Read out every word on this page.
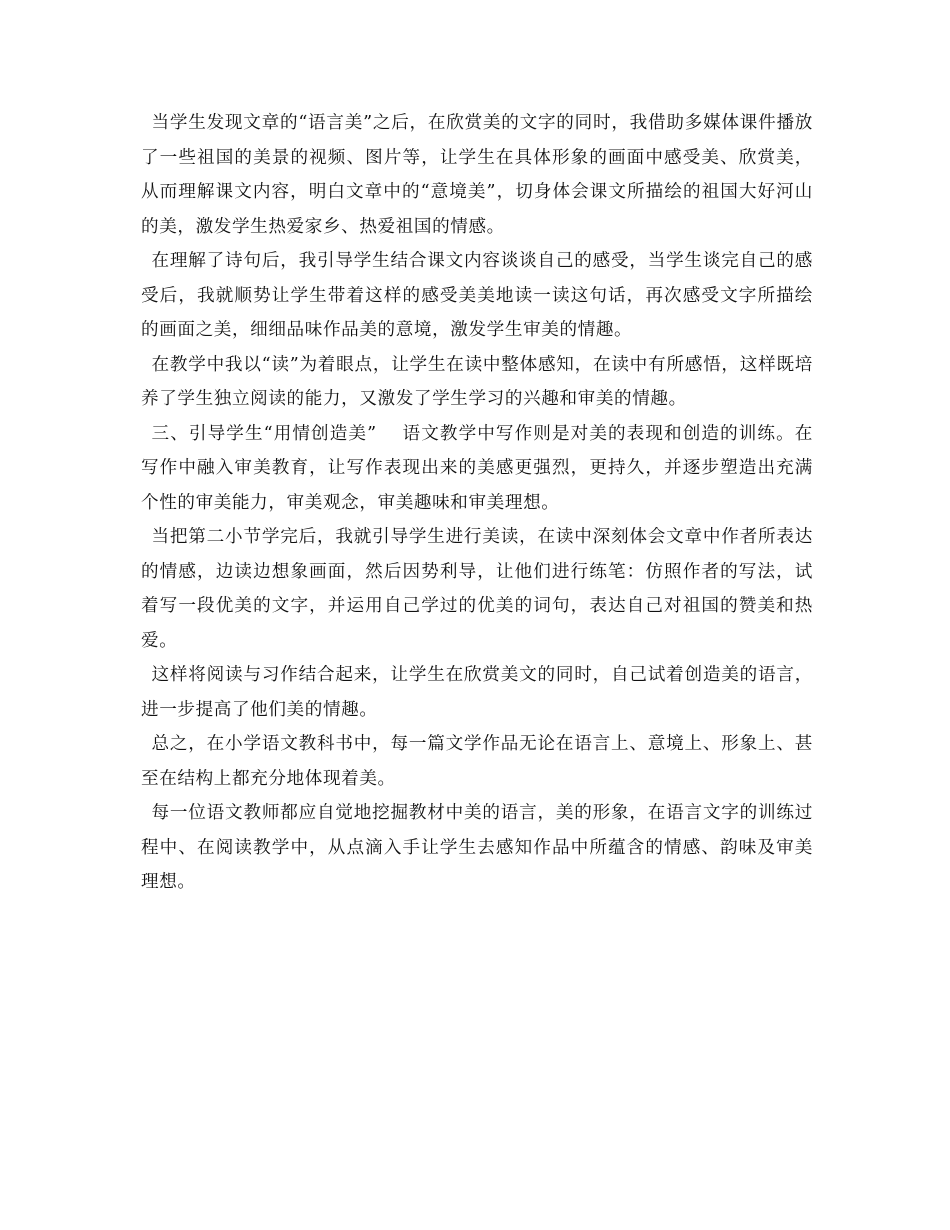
当学生发现文章的“语言美”之后，在欣赏美的文字的同时，我借助多媒体课件播放了一些祖国的美景的视频、图片等，让学生在具体形象的画面中感受美、欣赏美，从而理解课文内容，明白文章中的“意境美”，切身体会课文所描绘的祖国大好河山的美，激发学生热爱家乡、热爱祖国的情感。

在理解了诗句后，我引导学生结合课文内容谈谈自己的感受，当学生谈完自己的感受后，我就顺势让学生带着这样的感受美美地读一读这句话，再次感受文字所描绘的画面之美，细细品味作品美的意境，激发学生审美的情趣。

在教学中我以“读”为着眼点，让学生在读中整体感知，在读中有所感悟，这样既培养了学生独立阅读的能力，又激发了学生学习的兴趣和审美的情趣。

三、引导学生“用情创造美”　 语文教学中写作则是对美的表现和创造的训练。在写作中融入审美教育，让写作表现出来的美感更强烈，更持久，并逐步塑造出充满个性的审美能力，审美观念，审美趣味和审美理想。

当把第二小节学完后，我就引导学生进行美读，在读中深刻体会文章中作者所表达的情感，边读边想象画面，然后因势利导，让他们进行练笔：仿照作者的写法，试着写一段优美的文字，并运用自己学过的优美的词句，表达自己对祖国的赞美和热爱。

这样将阅读与习作结合起来，让学生在欣赏美文的同时，自己试着创造美的语言，进一步提高了他们美的情趣。

总之，在小学语文教科书中，每一篇文学作品无论在语言上、意境上、形象上、甚至在结构上都充分地体现着美。

每一位语文教师都应自觉地挖掘教材中美的语言，美的形象，在语言文字的训练过程中、在阅读教学中，从点滴入手让学生去感知作品中所蕴含的情感、韵味及审美理想。
